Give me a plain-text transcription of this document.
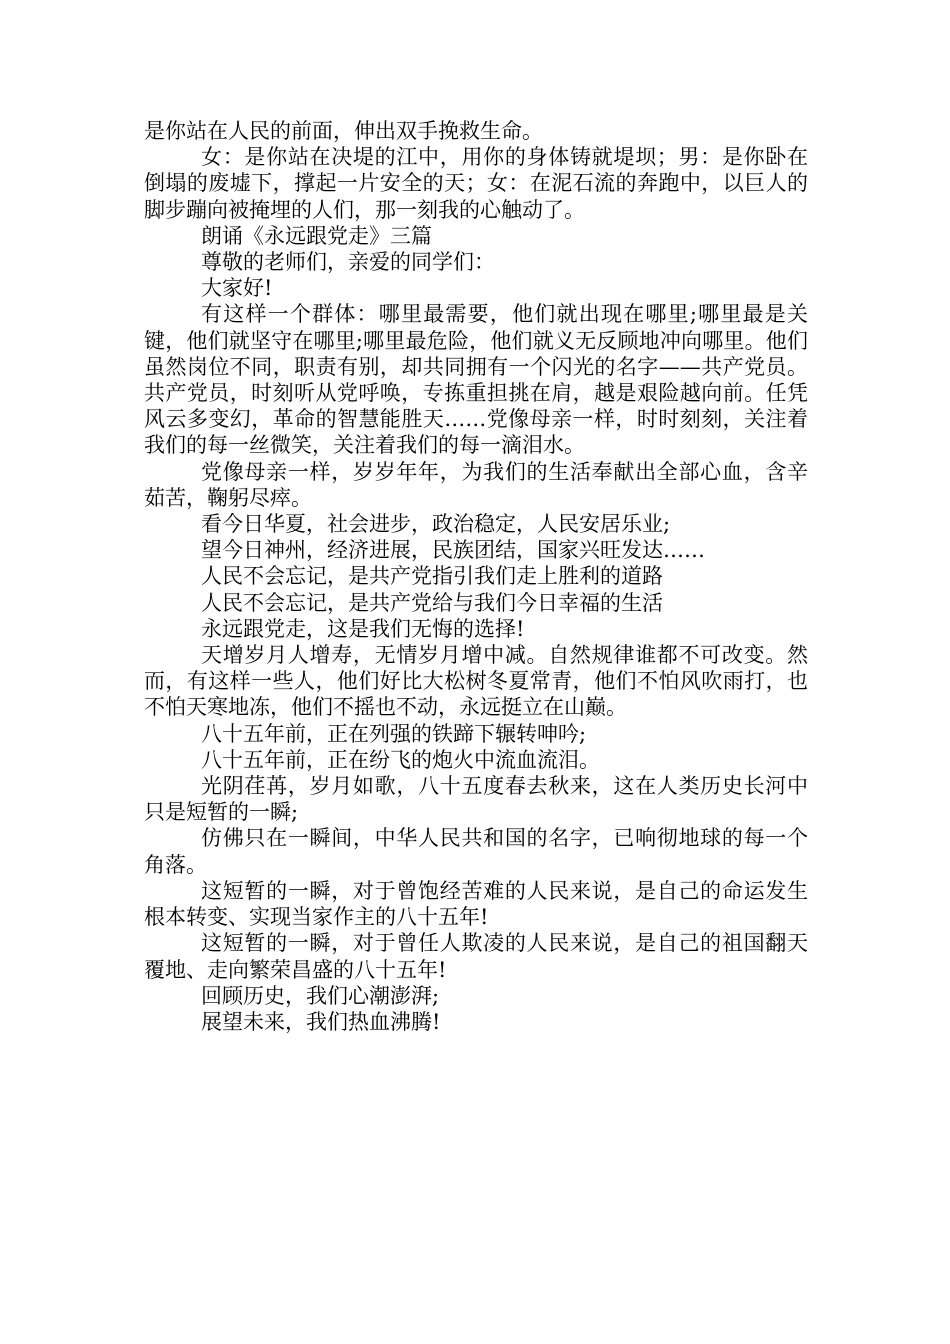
是你站在人民的前面，伸出双手挽救生命。

女：是你站在决堤的江中，用你的身体铸就堤坝；男：是你卧在倒塌的废墟下，撑起一片安全的天；女：在泥石流的奔跑中，以巨人的脚步蹦向被掩埋的人们，那一刻我的心触动了。

朗诵《永远跟党走》三篇

尊敬的老师们，亲爱的同学们：

大家好!

有这样一个群体：哪里最需要，他们就出现在哪里;哪里最是关键，他们就坚守在哪里;哪里最危险，他们就义无反顾地冲向哪里。他们虽然岗位不同，职责有别，却共同拥有一个闪光的名字——共产党员。共产党员，时刻听从党呼唤，专拣重担挑在肩，越是艰险越向前。任凭风云多变幻，革命的智慧能胜天……党像母亲一样，时时刻刻，关注着我们的每一丝微笑，关注着我们的每一滴泪水。

党像母亲一样，岁岁年年，为我们的生活奉献出全部心血，含辛茹苦，鞠躬尽瘁。

看今日华夏，社会进步，政治稳定，人民安居乐业;

望今日神州，经济进展，民族团结，国家兴旺发达……

人民不会忘记，是共产党指引我们走上胜利的道路

人民不会忘记，是共产党给与我们今日幸福的生活

永远跟党走，这是我们无悔的选择!

天增岁月人增寿，无情岁月增中减。自然规律谁都不可改变。然而，有这样一些人，他们好比大松树冬夏常青，他们不怕风吹雨打，也不怕天寒地冻，他们不摇也不动，永远挺立在山巅。

八十五年前，正在列强的铁蹄下辗转呻吟;

八十五年前，正在纷飞的炮火中流血流泪。

光阴荏苒，岁月如歌，八十五度春去秋来，这在人类历史长河中只是短暂的一瞬;

仿佛只在一瞬间，中华人民共和国的名字，已响彻地球的每一个角落。

这短暂的一瞬，对于曾饱经苦难的人民来说，是自己的命运发生根本转变、实现当家作主的八十五年!

这短暂的一瞬，对于曾任人欺凌的人民来说，是自己的祖国翻天覆地、走向繁荣昌盛的八十五年!

回顾历史，我们心潮澎湃;

展望未来，我们热血沸腾!
